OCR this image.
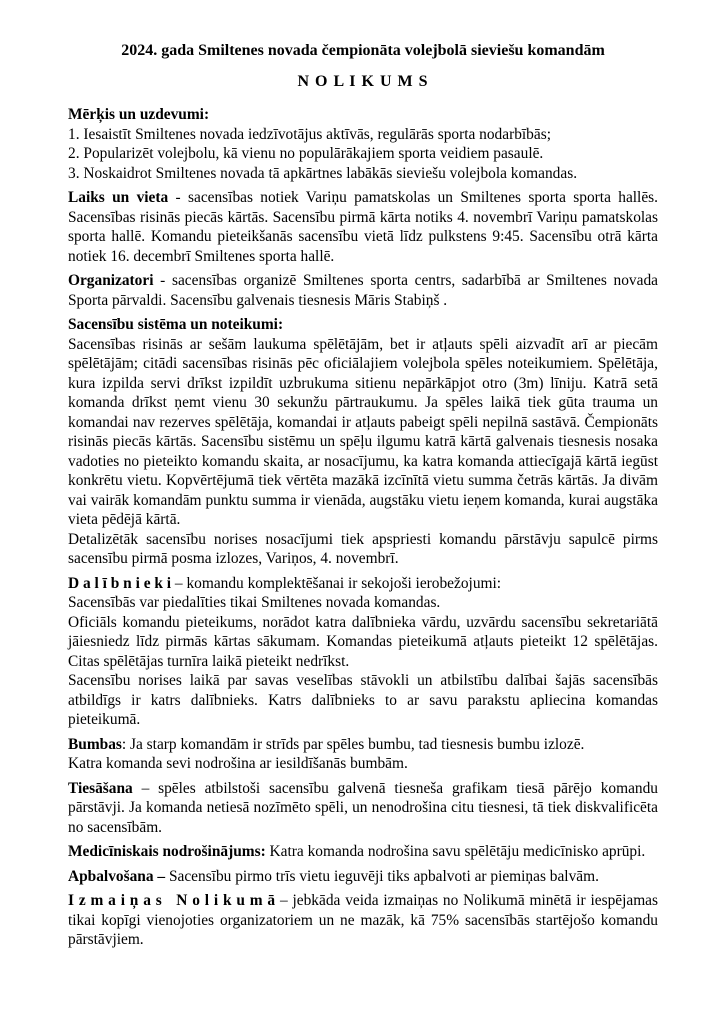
2024. gada Smiltenes novada čempionāta volejbolā sieviešu komandām
N O L I K U M S
Mērķis un uzdevumi:
1. Iesaistīt Smiltenes novada iedzīvotājus aktīvās, regulārās sporta nodarbībās;
2. Popularizēt volejbolu, kā vienu no populārākajiem sporta veidiem pasaulē.
3. Noskaidrot Smiltenes novada tā apkārtnes labākās sieviešu volejbola komandas.

Laiks un vieta - sacensības notiek Variņu pamatskolas un Smiltenes sporta sporta hallēs. Sacensības risinās piecās kārtās. Sacensību pirmā kārta notiks 4. novembrī Variņu pamatskolas sporta hallē. Komandu pieteikšanās sacensību vietā līdz pulkstens 9:45. Sacensību otrā kārta notiek 16. decembrī Smiltenes sporta hallē.

Organizatori - sacensības organizē Smiltenes sporta centrs, sadarbībā ar Smiltenes novada Sporta pārvaldi. Sacensību galvenais tiesnesis Māris Stabiņš .

Sacensību sistēma un noteikumi:

Sacensības risinās ar sešām laukuma spēlētājām, bet ir atļauts spēli aizvadīt arī ar piecām spēlētājām; citādi sacensības risinās pēc oficiālajiem volejbola spēles noteikumiem. Spēlētāja, kura izpilda servi drīkst izpildīt uzbrukuma sitienu nepārkāpjot otro (3m) līniju. Katrā setā komanda drīkst ņemt vienu 30 sekunžu pārtraukumu. Ja spēles laikā tiek gūta trauma un komandai nav rezerves spēlētāja, komandai ir atļauts pabeigt spēli nepilnā sastāvā. Čempionāts risinās piecās kārtās. Sacensību sistēmu un spēļu ilgumu katrā kārtā galvenais tiesnesis nosaka vadoties no pieteikto komandu skaita, ar nosacījumu, ka katra komanda attiecīgajā kārtā iegūst konkrētu vietu. Kopvērtējumā tiek vērtēta mazākā izcīnītā vietu summa četrās kārtās. Ja divām vai vairāk komandām punktu summa ir vienāda, augstāku vietu ieņem komanda, kurai augstāka vieta pēdējā kārtā.

Detalizētāk sacensību norises nosacījumi tiek apspriesti komandu pārstāvju sapulcē pirms sacensību pirmā posma izlozes, Variņos, 4. novembrī.

D a l ī b n i e k i – komandu komplektēšanai ir sekojoši ierobežojumi:

Sacensībās var piedalīties tikai Smiltenes novada komandas.

Oficiāls komandu pieteikums, norādot katra dalībnieka vārdu, uzvārdu sacensību sekretariātā jāiesniedz līdz pirmās kārtas sākumam. Komandas pieteikumā atļauts pieteikt 12 spēlētājas. Citas spēlētājas turnīra laikā pieteikt nedrīkst.

Sacensību norises laikā par savas veselības stāvokli un atbilstību dalībai šajās sacensībās atbildīgs ir katrs dalībnieks. Katrs dalībnieks to ar savu parakstu apliecina komandas pieteikumā.

Bumbas: Ja starp komandām ir strīds par spēles bumbu, tad tiesnesis bumbu izlozē.

Katra komanda sevi nodrošina ar iesildīšanās bumbām.

Tiesāšana – spēles atbilstoši sacensību galvenā tiesneša grafikam tiesā pārējo komandu pārstāvji. Ja komanda netiesā nozīmēto spēli, un nenodrošina citu tiesnesi, tā tiek diskvalificēta no sacensībām.

Medicīniskais nodrošinājums: Katra komanda nodrošina savu spēlētāju medicīnisko aprūpi.

Apbalvošana – Sacensību pirmo trīs vietu ieguvēji tiks apbalvoti ar piemiņas balvām.

I z m a i ņ a s   N o l i k u m ā – jebkāda veida izmaiņas no Nolikumā minētā ir iespējamas tikai kopīgi vienojoties organizatoriem un ne mazāk, kā 75% sacensībās startējošo komandu pārstāvjiem.
